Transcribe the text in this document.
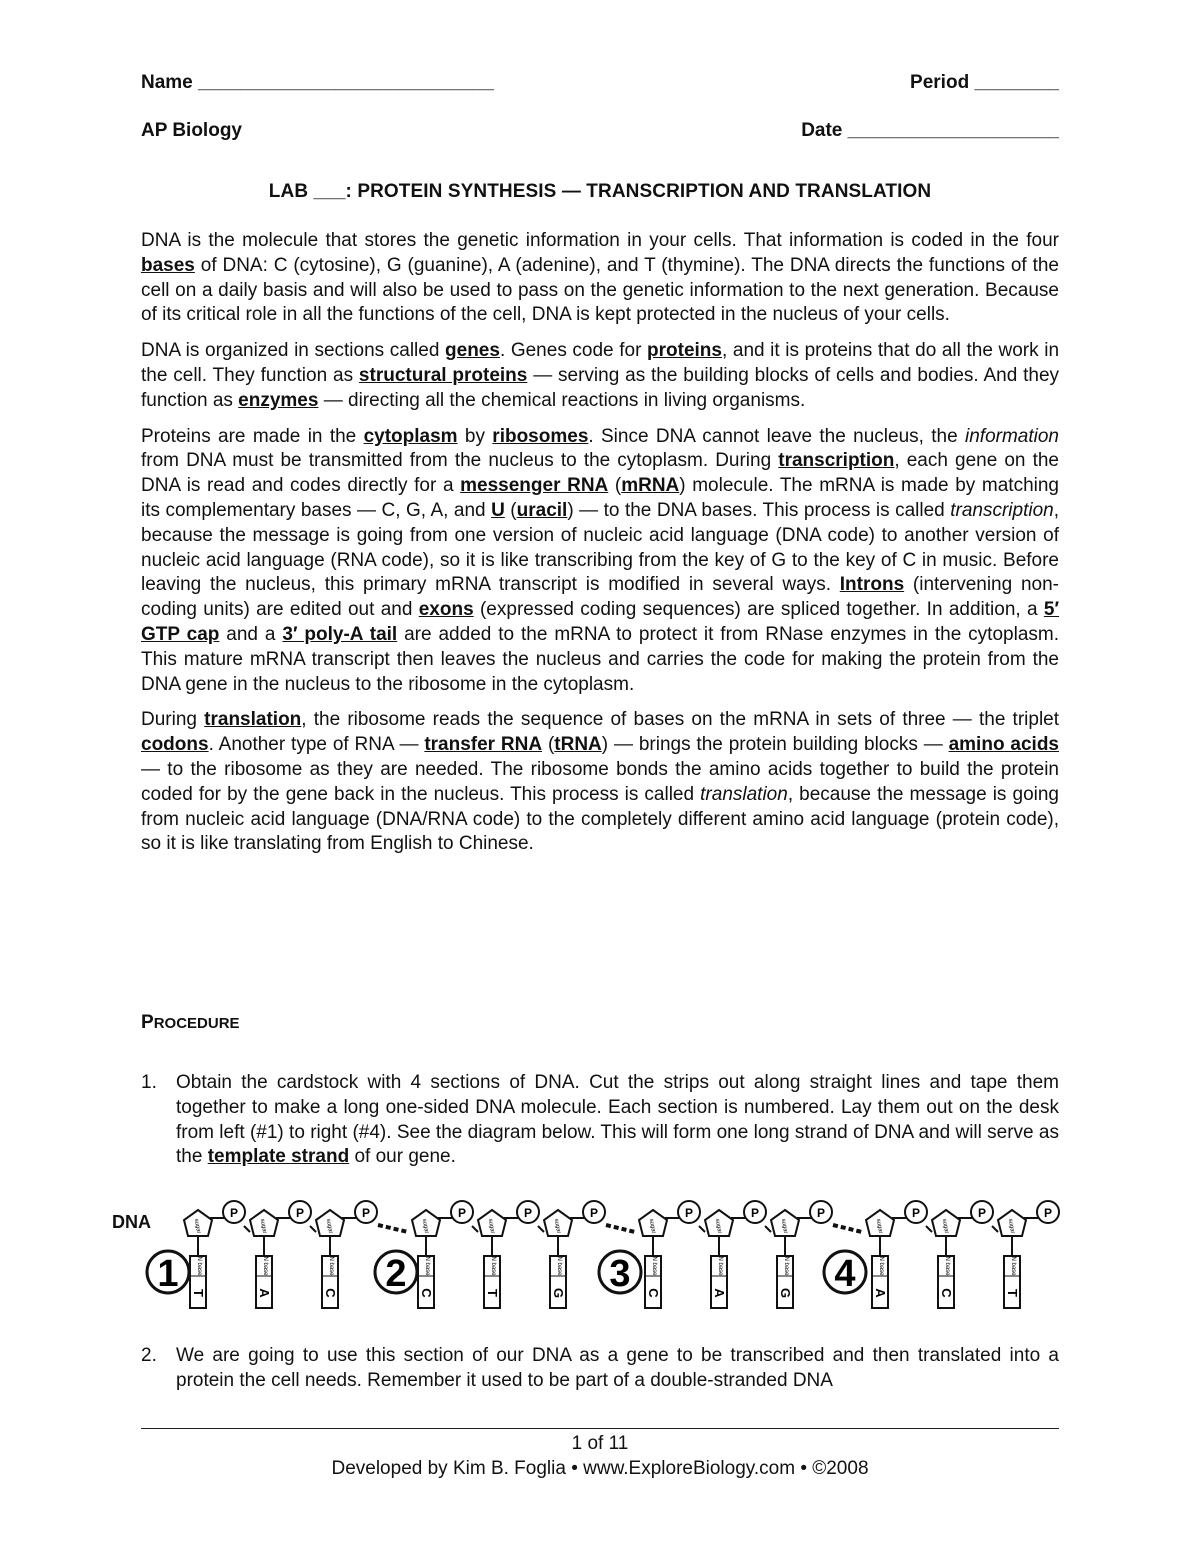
Name ____________________________	Period ________
AP Biology	Date ____________________
LAB ___: PROTEIN SYNTHESIS — TRANSCRIPTION AND TRANSLATION

DNA is the molecule that stores the genetic information in your cells. That information is coded in the four bases of DNA: C (cytosine), G (guanine), A (adenine), and T (thymine). The DNA directs the functions of the cell on a daily basis and will also be used to pass on the genetic information to the next generation. Because of its critical role in all the functions of the cell, DNA is kept protected in the nucleus of your cells.

DNA is organized in sections called genes. Genes code for proteins, and it is proteins that do all the work in the cell. They function as structural proteins — serving as the building blocks of cells and bodies. And they function as enzymes — directing all the chemical reactions in living organisms.

Proteins are made in the cytoplasm by ribosomes. Since DNA cannot leave the nucleus, the information from DNA must be transmitted from the nucleus to the cytoplasm. During transcription, each gene on the DNA is read and codes directly for a messenger RNA (mRNA) molecule. The mRNA is made by matching its complementary bases — C, G, A, and U (uracil) — to the DNA bases. This process is called transcription, because the message is going from one version of nucleic acid language (DNA code) to another version of nucleic acid language (RNA code), so it is like transcribing from the key of G to the key of C in music. Before leaving the nucleus, this primary mRNA transcript is modified in several ways. Introns (intervening non-coding units) are edited out and exons (expressed coding sequences) are spliced together. In addition, a 5′ GTP cap and a 3′ poly-A tail are added to the mRNA to protect it from RNase enzymes in the cytoplasm. This mature mRNA transcript then leaves the nucleus and carries the code for making the protein from the DNA gene in the nucleus to the ribosome in the cytoplasm.

During translation, the ribosome reads the sequence of bases on the mRNA in sets of three — the triplet codons. Another type of RNA — transfer RNA (tRNA) — brings the protein building blocks — amino acids — to the ribosome as they are needed. The ribosome bonds the amino acids together to build the protein coded for by the gene back in the nucleus. This process is called translation, because the message is going from nucleic acid language (DNA/RNA code) to the completely different amino acid language (protein code), so it is like translating from English to Chinese.

PROCEDURE
1. Obtain the cardstock with 4 sections of DNA. Cut the strips out along straight lines and tape them together to make a long one-sided DNA molecule. Each section is numbered. Lay them out on the desk from left (#1) to right (#4). See the diagram below. This will form one long strand of DNA and will serve as the template strand of our gene.
DNA	sugar
P
N base
T
sugar
P
N base
A
sugar
P
N base
C
sugar
P
N base
C
sugar
P
N base
T
sugar
P
N base
G
sugar
P
N base
C
sugar
P
N base
A
sugar
P
N base
G
sugar
P
N base
A
sugar
P
N base
C
sugar
P
N base
T
1	2	3	4
2. We are going to use this section of our DNA as a gene to be transcribed and then translated into a protein the cell needs. Remember it used to be part of a double-stranded DNA
1 of 11
Developed by Kim B. Foglia • www.ExploreBiology.com • ©2008
